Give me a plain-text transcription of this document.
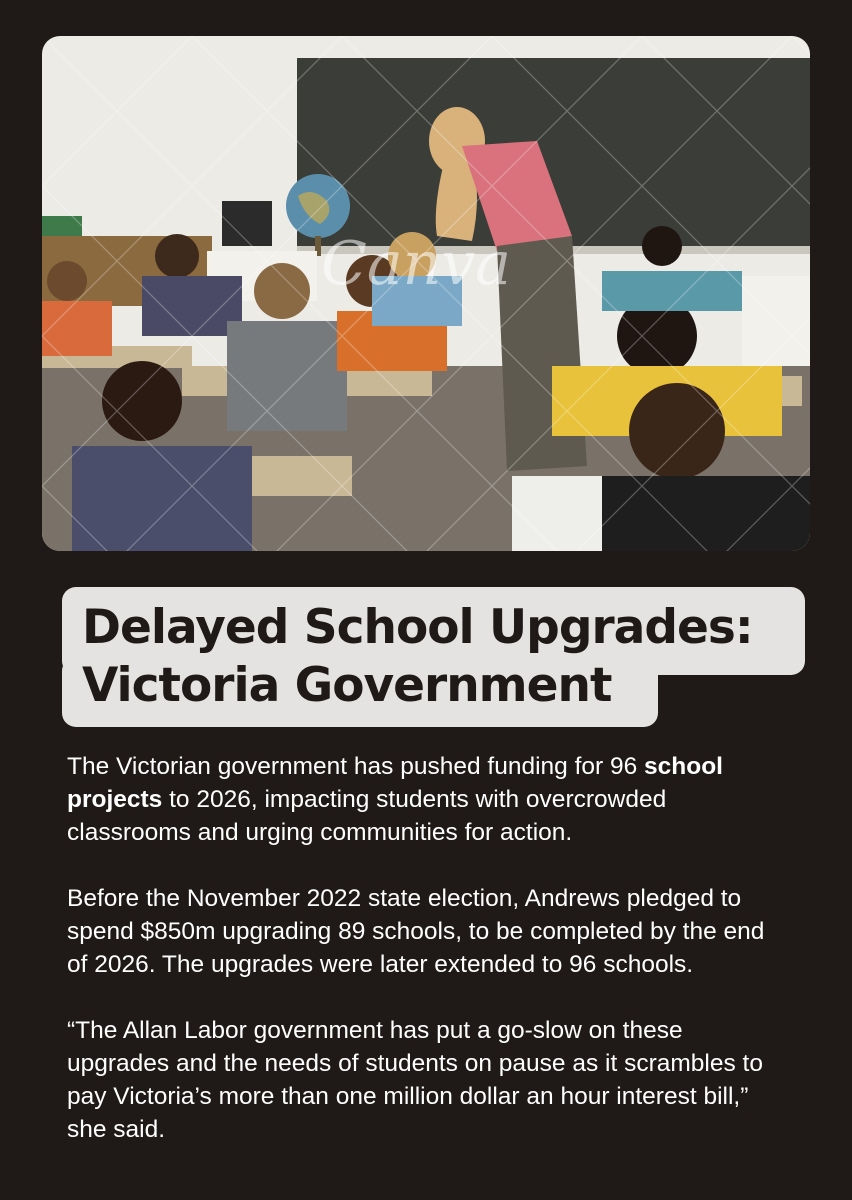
Canva
Delayed School Upgrades:
Victoria Government

The Victorian government has pushed funding for 96 school projects to 2026, impacting students with overcrowded classrooms and urging communities for action.

Before the November 2022 state election, Andrews pledged to spend $850m upgrading 89 schools, to be completed by the end of 2026. The upgrades were later extended to 96 schools.

“The Allan Labor government has put a go-slow on these upgrades and the needs of students on pause as it scrambles to pay Victoria’s more than one million dollar an hour interest bill,” she said.
